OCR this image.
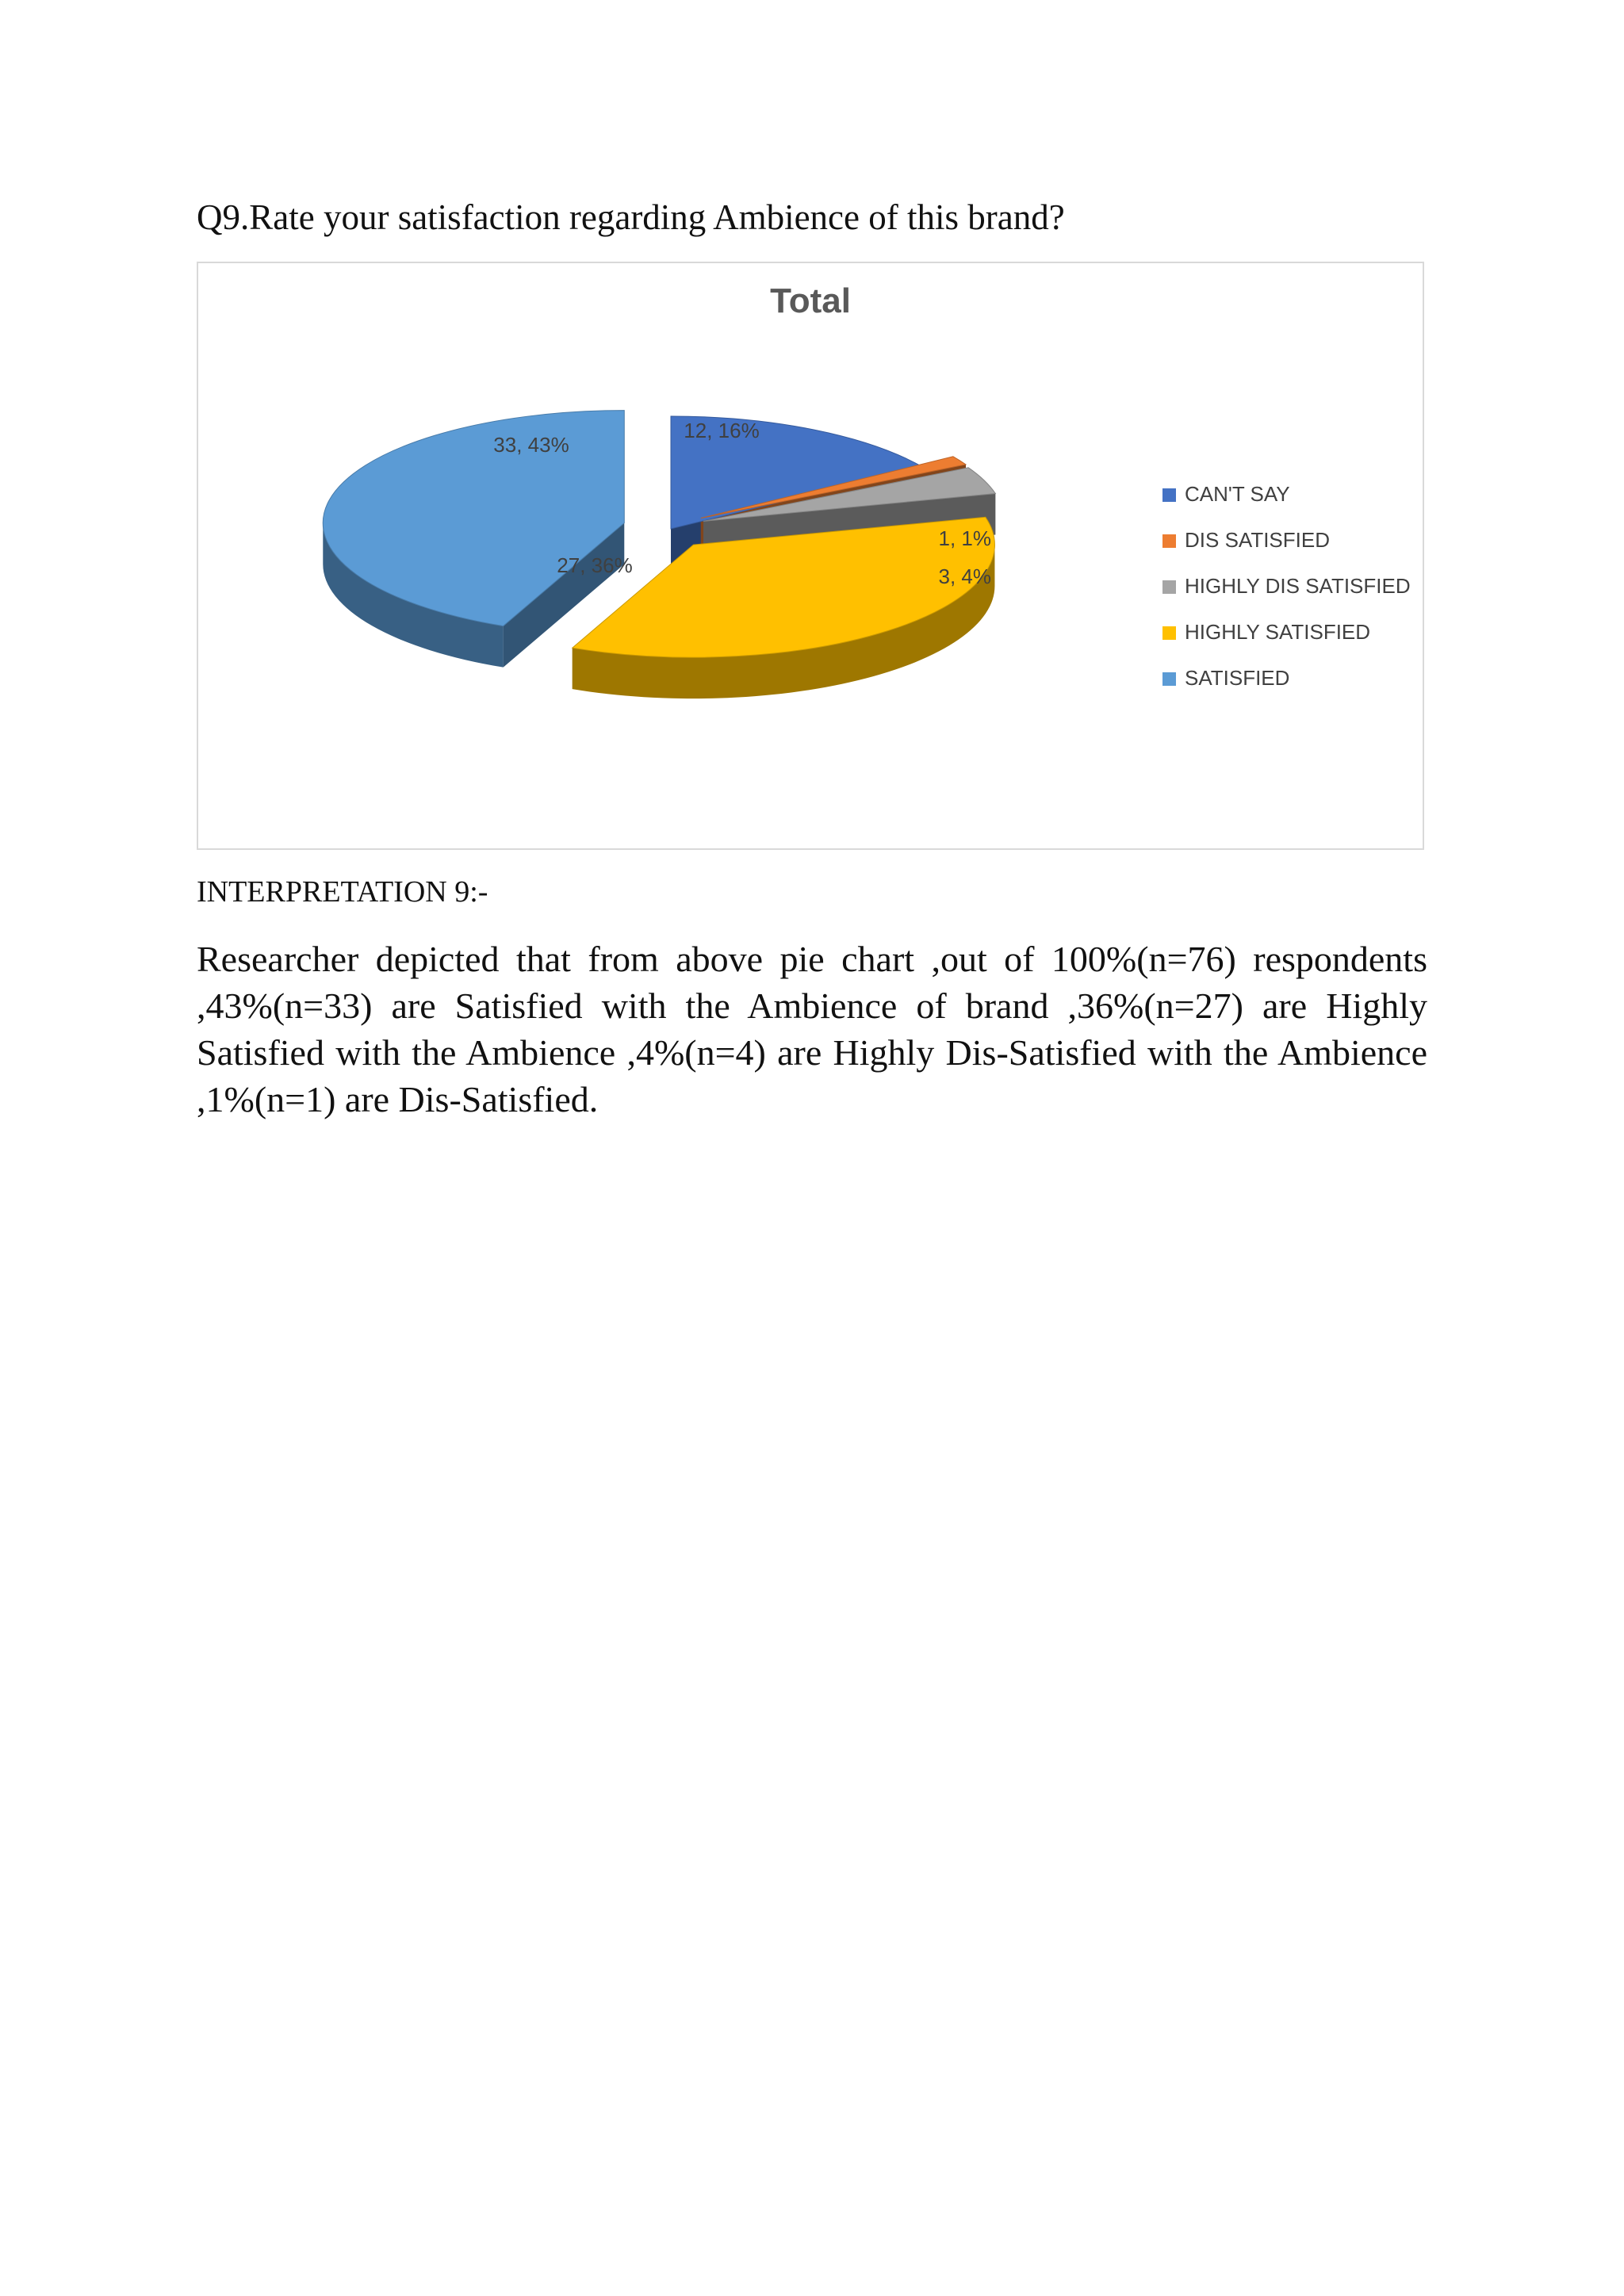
Q9.Rate your satisfaction regarding Ambience of this brand?
Total
12, 16%
1, 1%
3, 4%
27, 36%
33, 43%
CAN'T SAY
DIS SATISFIED
HIGHLY DIS SATISFIED
HIGHLY SATISFIED
SATISFIED

INTERPRETATION 9:-

Researcher depicted that from above pie chart ,out of 100%(n=76) respondents ,43%(n=33) are Satisfied with the Ambience of brand ,36%(n=27) are Highly Satisfied with the Ambience ,4%(n=4) are Highly Dis-Satisfied with the Ambience ,1%(n=1) are Dis-Satisfied.
